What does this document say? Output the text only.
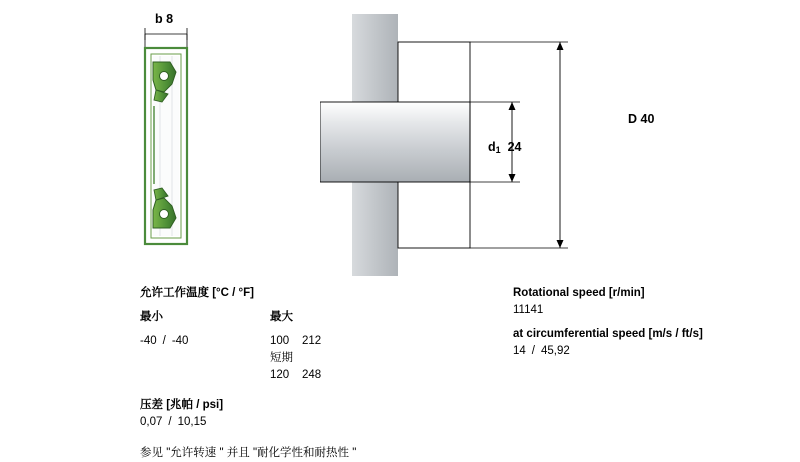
b 8
D 40
$d_1$ 24
允许工作温度 [°C / °F]
最小	最大
-40 / -40	100 212
短期
120 248
压差 [兆帕 / psi]
0,07 / 10,15
参见 "允许转速 " 并且 "耐化学性和耐热性 "
Rotational speed [r/min]
11141
at circumferential speed [m/s / ft/s]
14 / 45,92
